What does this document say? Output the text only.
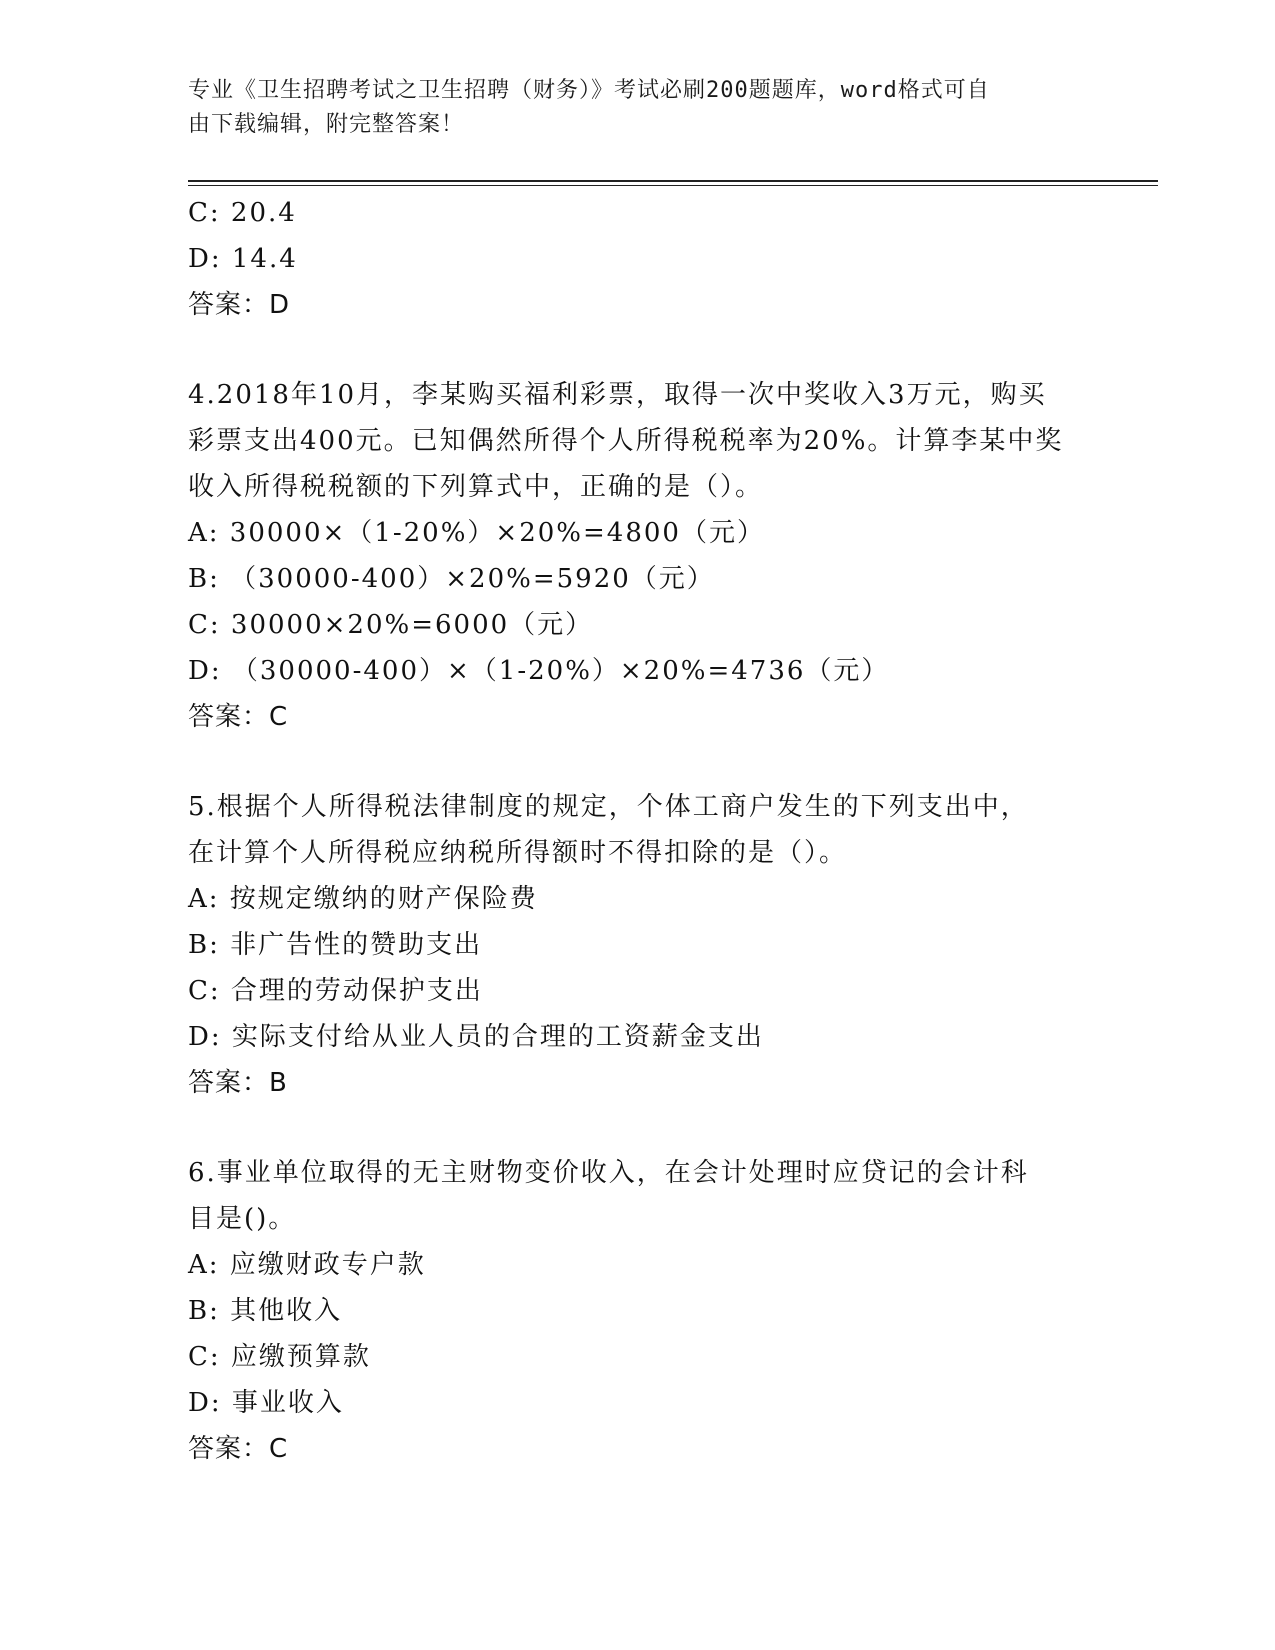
专业《卫生招聘考试之卫生招聘（财务）》考试必刷200题题库，word格式可自
由下载编辑，附完整答案！
C: 20.4
D: 14.4
答案：D
4.2018年10月，李某购买福利彩票，取得一次中奖收入3万元，购买
彩票支出400元。已知偶然所得个人所得税税率为20%。计算李某中奖
收入所得税税额的下列算式中，正确的是（）。
A: 30000×（1-20%）×20%=4800（元）
B: （30000-400）×20%=5920（元）
C: 30000×20%=6000（元）
D: （30000-400）×（1-20%）×20%=4736（元）
答案：C
5.根据个人所得税法律制度的规定，个体工商户发生的下列支出中，
在计算个人所得税应纳税所得额时不得扣除的是（）。
A: 按规定缴纳的财产保险费
B: 非广告性的赞助支出
C: 合理的劳动保护支出
D: 实际支付给从业人员的合理的工资薪金支出
答案：B
6.事业单位取得的无主财物变价收入，在会计处理时应贷记的会计科
目是()。
A: 应缴财政专户款
B: 其他收入
C: 应缴预算款
D: 事业收入
答案：C
